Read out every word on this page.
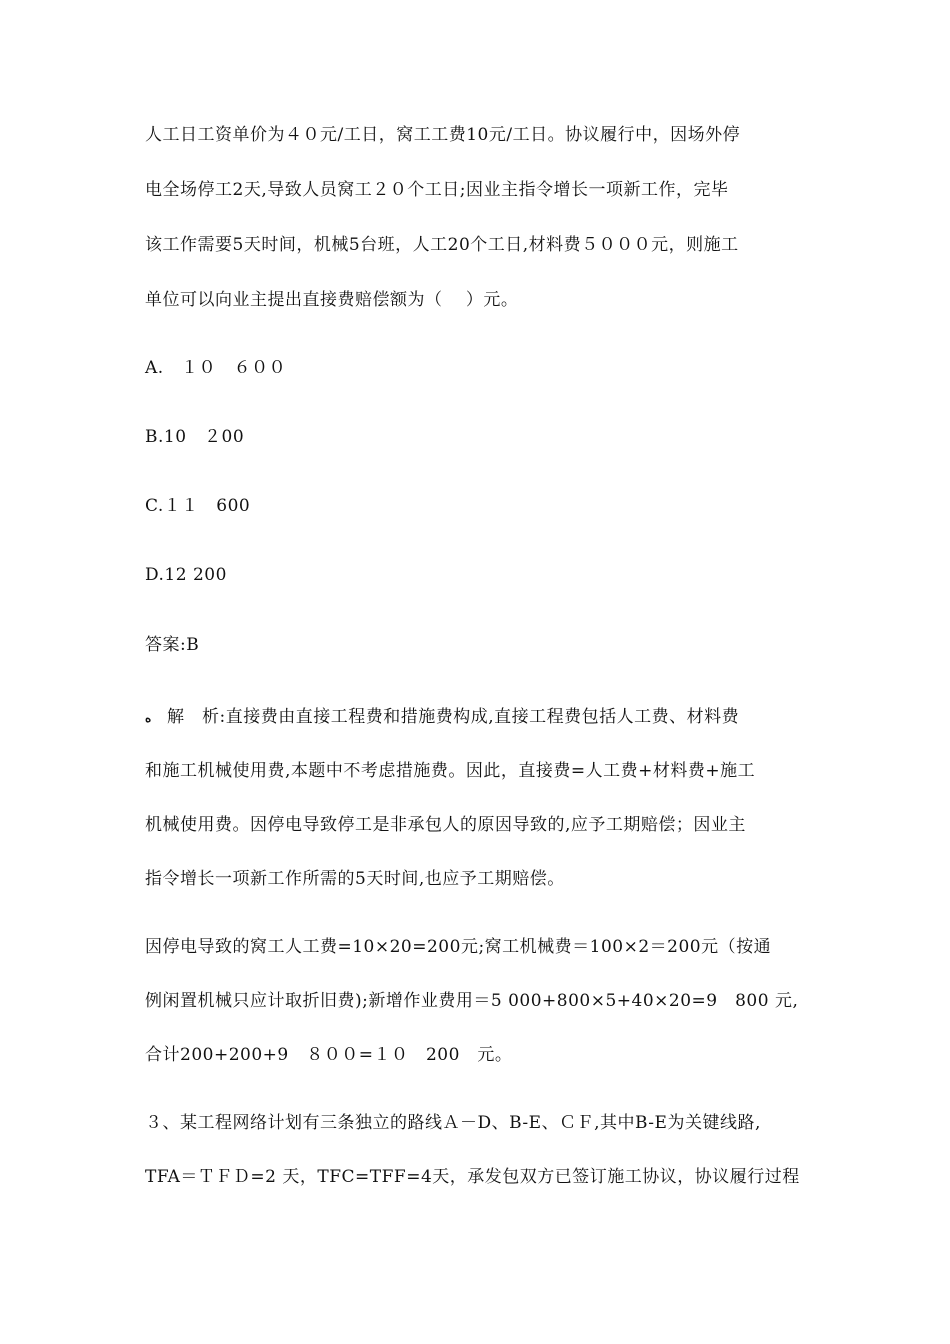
人工日工资单价为４０元/工日，窝工工费10元/工日。协议履行中，因场外停
电全场停工2天,导致人员窝工２０个工日;因业主指令增长一项新工作，完毕
该工作需要5天时间，机械5台班，人工20个工日,材料费５０００元，则施工
单位可以向业主提出直接费赔偿额为（　 ）元。
A.　１０　６００
B.10　２00
C.１１　600
D.12 200
答案:B
ﻩ 解　析:直接费由直接工程费和措施费构成,直接工程费包括人工费、材料费
和施工机械使用费,本题中不考虑措施费。因此，直接费=人工费+材料费+施工
机械使用费。因停电导致停工是非承包人的原因导致的,应予工期赔偿；因业主
指令增长一项新工作所需的5天时间,也应予工期赔偿。
因停电导致的窝工人工费=10×20=200元;窝工机械费＝100×2＝200元（按通
例闲置机械只应计取折旧费);新增作业费用＝5 000+800×5+40×20=9　800 元,
合计200+200+9　８００=１０　200　元。
３、某工程网络计划有三条独立的路线Ａ－D、B-E、ＣＦ,其中B-E为关键线路,
TFA＝ＴＦＤ=2 天，TFC=TFF=4天，承发包双方已签订施工协议，协议履行过程
